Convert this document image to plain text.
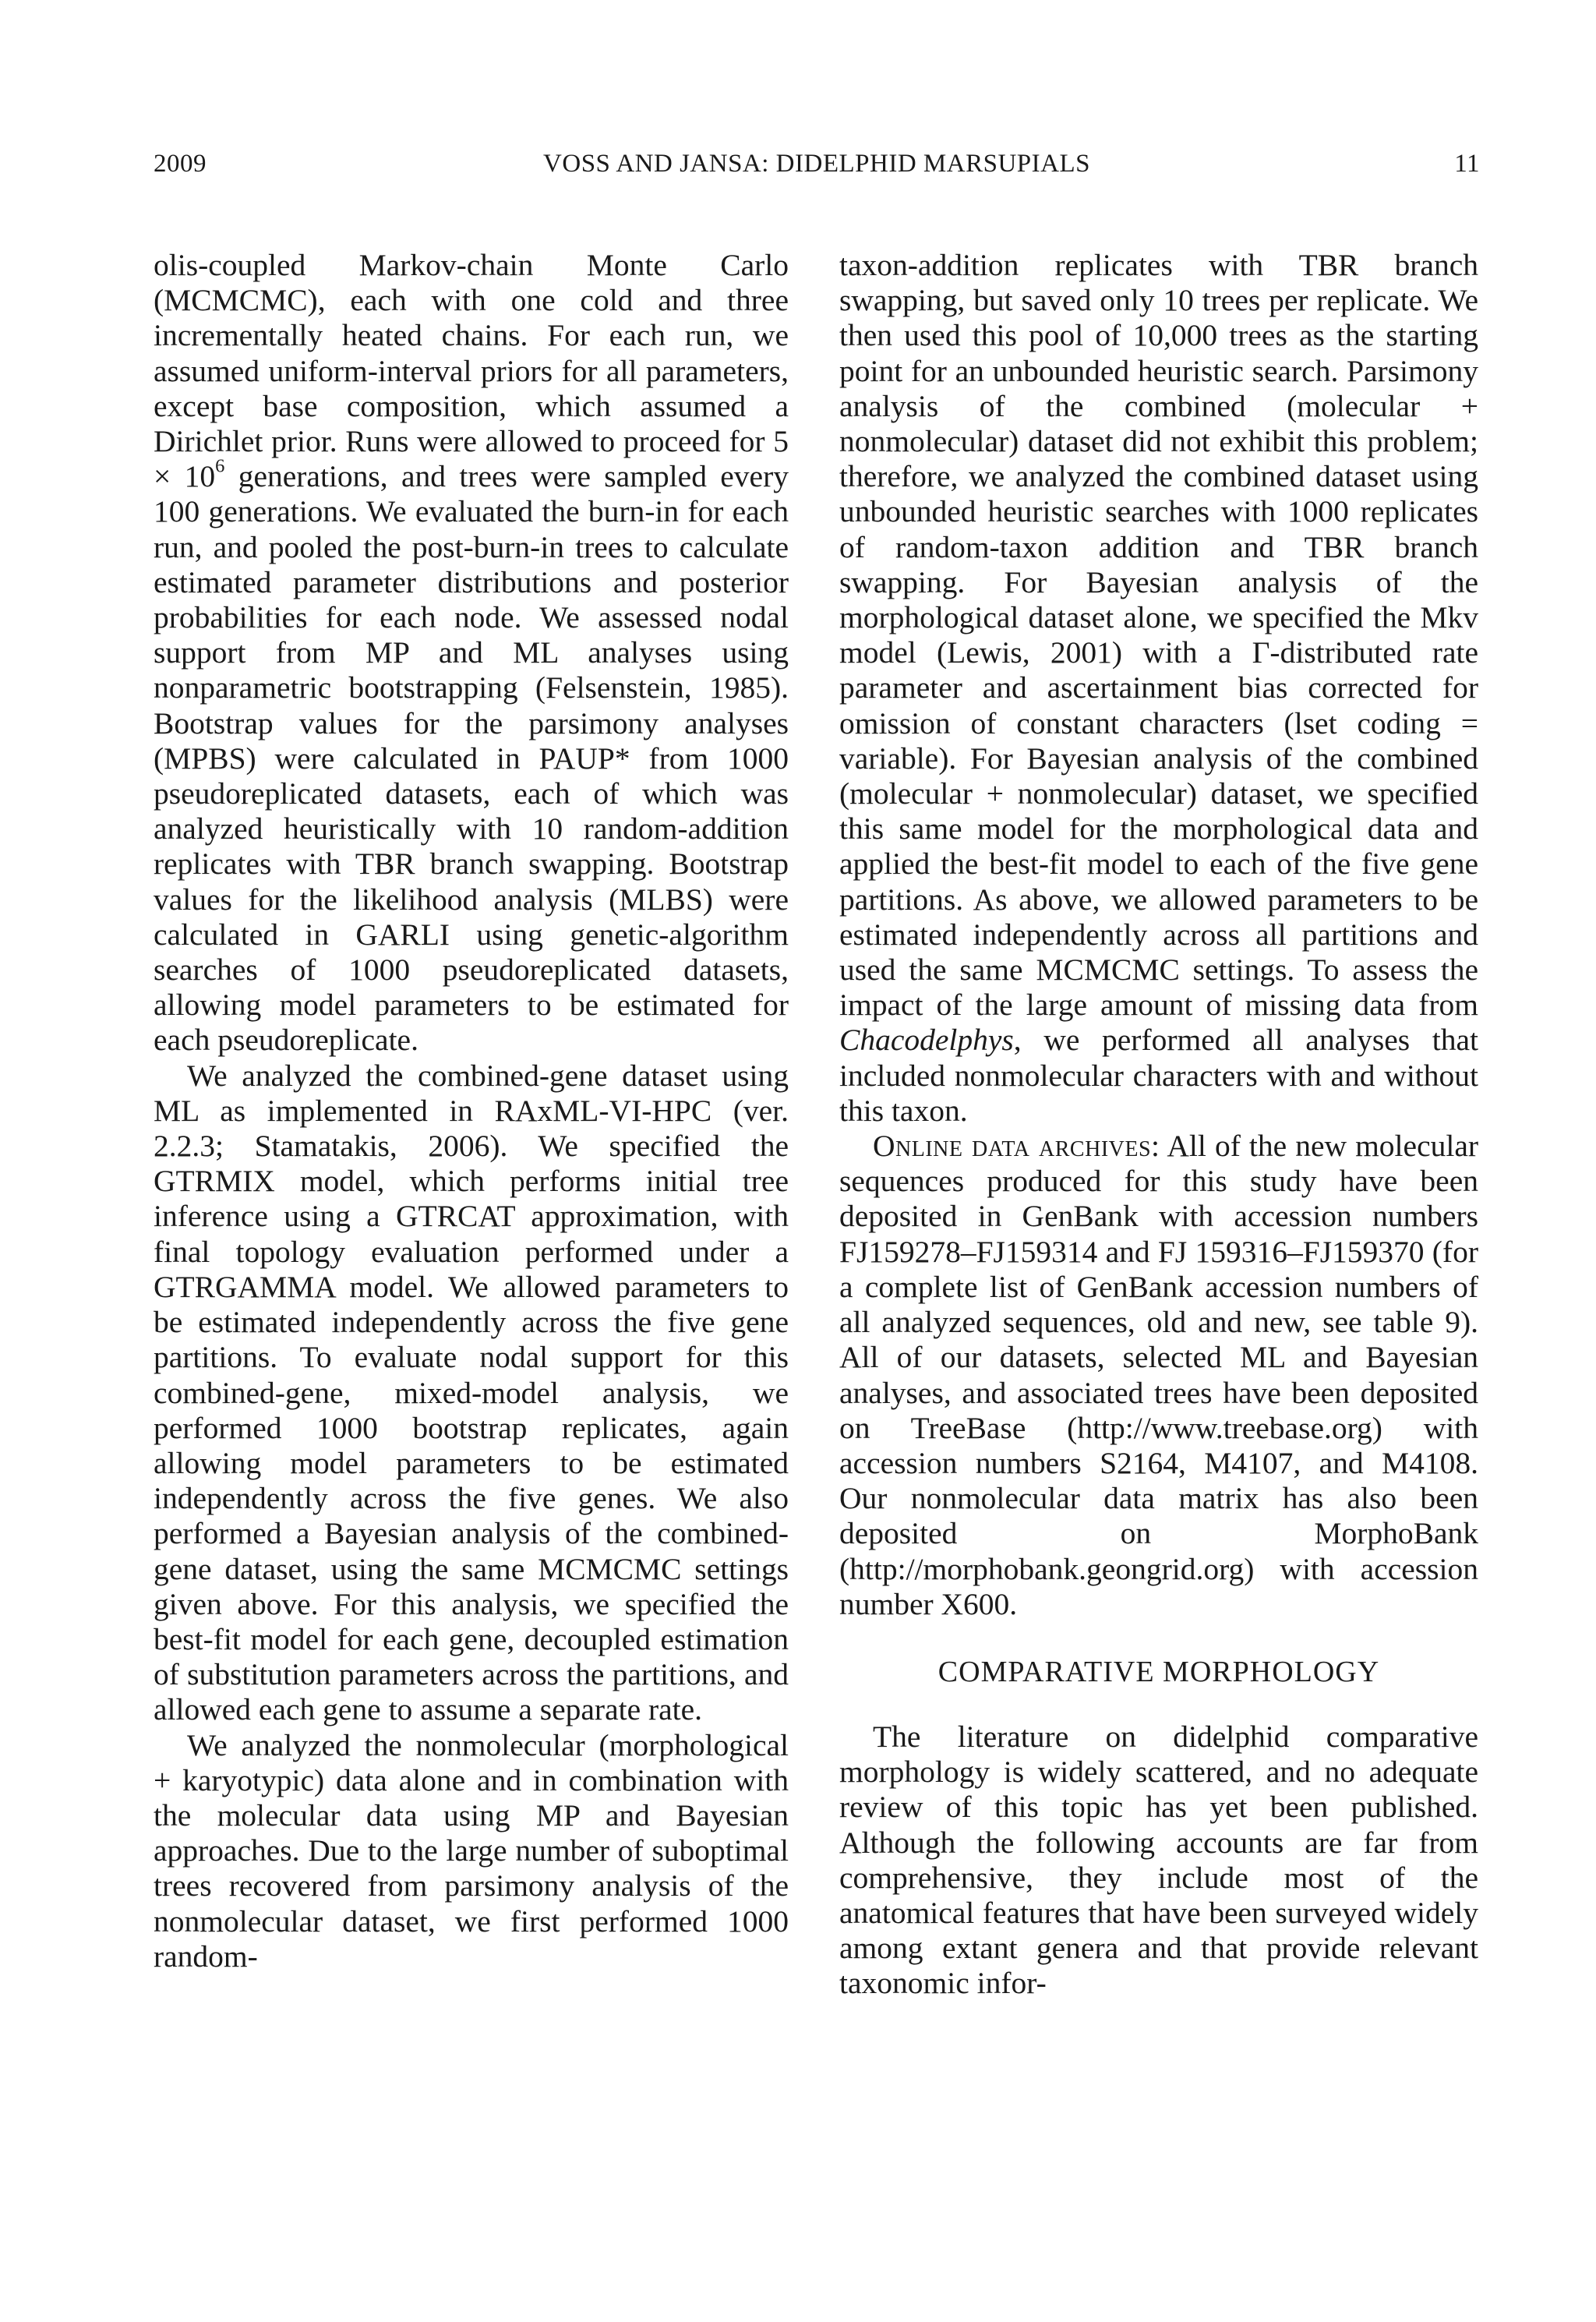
2009	VOSS AND JANSA: DIDELPHID MARSUPIALS	11

olis-coupled Markov-chain Monte Carlo (MCMCMC), each with one cold and three incrementally heated chains. For each run, we assumed uniform-interval priors for all parameters, except base composition, which assumed a Dirichlet prior. Runs were allowed to proceed for $5 \times 10^6$ generations, and trees were sampled every 100 generations. We evaluated the burn-in for each run, and pooled the post-burn-in trees to calculate estimated parameter distributions and posterior probabilities for each node. We assessed nodal support from MP and ML analyses using nonparametric bootstrapping (Felsenstein, 1985). Bootstrap values for the parsimony analyses (MPBS) were calculated in PAUP* from 1000 pseudoreplicated datasets, each of which was analyzed heuristically with 10 random-addition replicates with TBR branch swapping. Bootstrap values for the likelihood analysis (MLBS) were calculated in GARLI using genetic-algorithm searches of 1000 pseudoreplicated datasets, allowing model parameters to be estimated for each pseudoreplicate.

We analyzed the combined-gene dataset using ML as implemented in RAxML-VI-HPC (ver. 2.2.3; Stamatakis, 2006). We specified the GTRMIX model, which performs initial tree inference using a GTRCAT approximation, with final topology evaluation performed under a GTRGAMMA model. We allowed parameters to be estimated independently across the five gene partitions. To evaluate nodal support for this combined-gene, mixed-model analysis, we performed 1000 bootstrap replicates, again allowing model parameters to be estimated independently across the five genes. We also performed a Bayesian analysis of the combined-gene dataset, using the same MCMCMC settings given above. For this analysis, we specified the best-fit model for each gene, decoupled estimation of substitution parameters across the partitions, and allowed each gene to assume a separate rate.

We analyzed the nonmolecular (morphological + karyotypic) data alone and in combination with the molecular data using MP and Bayesian approaches. Due to the large number of suboptimal trees recovered from parsimony analysis of the nonmolecular dataset, we first performed 1000 random-

taxon-addition replicates with TBR branch swapping, but saved only 10 trees per replicate. We then used this pool of 10,000 trees as the starting point for an unbounded heuristic search. Parsimony analysis of the combined (molecular + nonmolecular) dataset did not exhibit this problem; therefore, we analyzed the combined dataset using unbounded heuristic searches with 1000 replicates of random-taxon addition and TBR branch swapping. For Bayesian analysis of the morphological dataset alone, we specified the Mkv model (Lewis, 2001) with a Γ-distributed rate parameter and ascertainment bias corrected for omission of constant characters (lset coding = variable). For Bayesian analysis of the combined (molecular + nonmolecular) dataset, we specified this same model for the morphological data and applied the best-fit model to each of the five gene partitions. As above, we allowed parameters to be estimated independently across all partitions and used the same MCMCMC settings. To assess the impact of the large amount of missing data from Chacodelphys, we performed all analyses that included nonmolecular characters with and without this taxon.

Online data archives: All of the new molecular sequences produced for this study have been deposited in GenBank with accession numbers FJ159278–FJ159314 and FJ 159316–FJ159370 (for a complete list of GenBank accession numbers of all analyzed sequences, old and new, see table 9). All of our datasets, selected ML and Bayesian analyses, and associated trees have been deposited on TreeBase (http://www.treebase.org) with accession numbers S2164, M4107, and M4108. Our nonmolecular data matrix has also been deposited on MorphoBank (http://morphobank.geongrid.org) with accession number X600.

COMPARATIVE MORPHOLOGY

The literature on didelphid comparative morphology is widely scattered, and no adequate review of this topic has yet been published. Although the following accounts are far from comprehensive, they include most of the anatomical features that have been surveyed widely among extant genera and that provide relevant taxonomic infor-
